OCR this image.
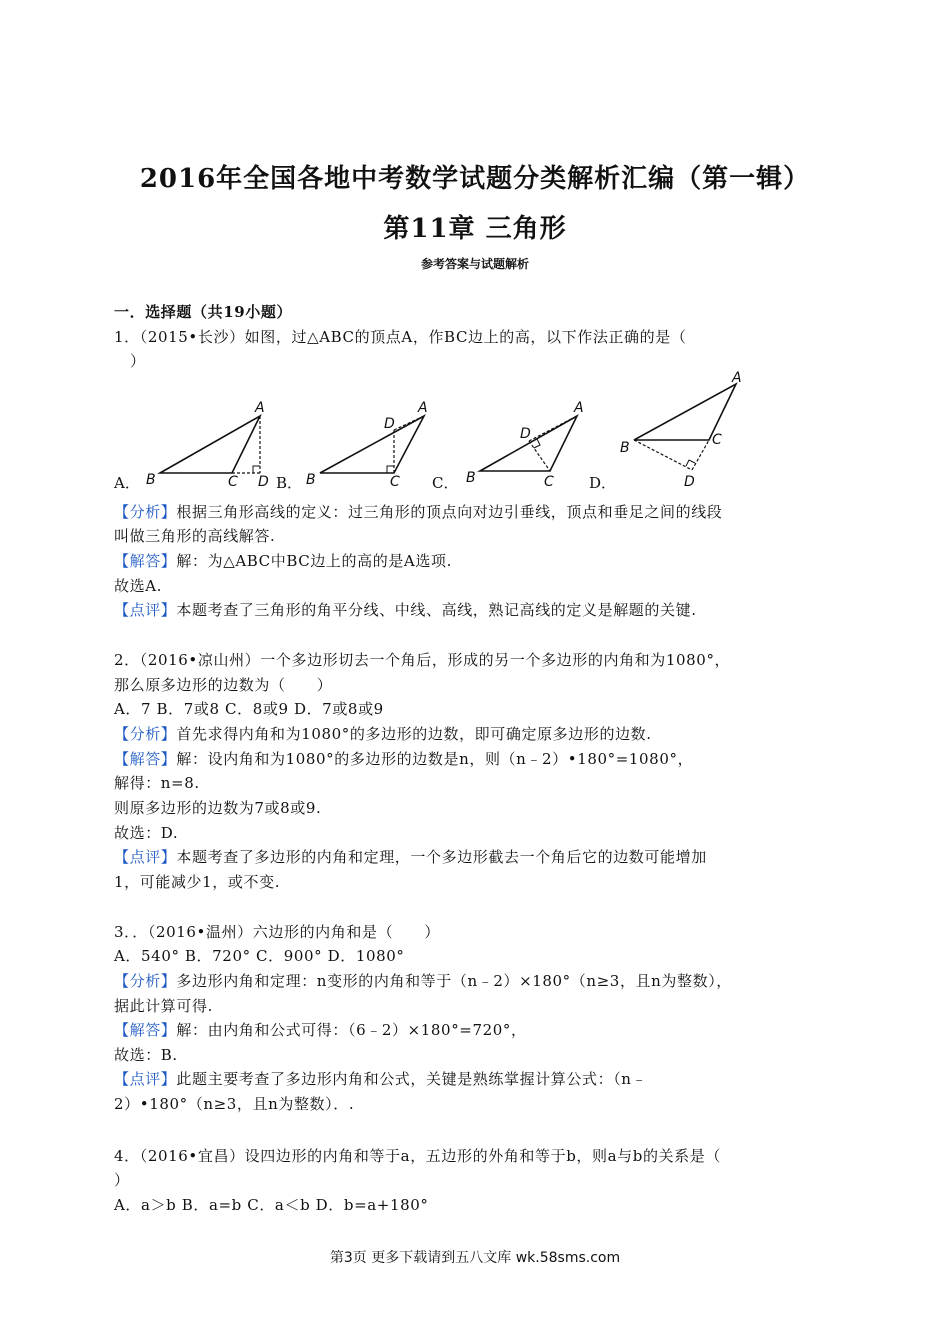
2016年全国各地中考数学试题分类解析汇编（第一辑）
第11章 三角形
参考答案与试题解析
一．选择题（共19小题）
1．（2015•长沙）如图，过△ABC的顶点A，作BC边上的高，以下作法正确的是（
）
A
B	C D
A．
A
B	C
D
B．
A
B	C
D
C．
A
B	C
D
D．
【分析】根据三角形高线的定义：过三角形的顶点向对边引垂线，顶点和垂足之间的线段
叫做三角形的高线解答.
【解答】解：为△ABC中BC边上的高的是A选项.
故选A.
【点评】本题考查了三角形的角平分线、中线、高线，熟记高线的定义是解题的关键.
2．（2016•凉山州）一个多边形切去一个角后，形成的另一个多边形的内角和为1080°，
那么原多边形的边数为（　　）
A．7 B．7或8 C．8或9 D．7或8或9
【分析】首先求得内角和为1080°的多边形的边数，即可确定原多边形的边数.
【解答】解：设内角和为1080°的多边形的边数是n，则（n﹣2）•180°=1080°，
解得：n=8.
则原多边形的边数为7或8或9.
故选：D.
【点评】本题考查了多边形的内角和定理，一个多边形截去一个角后它的边数可能增加
1，可能减少1，或不变.
3．．（2016•温州）六边形的内角和是（　　）
A．540° B．720° C．900° D．1080°
【分析】多边形内角和定理：n变形的内角和等于（n﹣2）×180°（n≥3，且n为整数），
据此计算可得.
【解答】解：由内角和公式可得：（6﹣2）×180°=720°，
故选：B.
【点评】此题主要考查了多边形内角和公式，关键是熟练掌握计算公式：（n﹣
2）•180°（n≥3，且n为整数）．.
4．（2016•宜昌）设四边形的内角和等于a，五边形的外角和等于b，则a与b的关系是（
）
A．a＞b B．a=b C．a＜b D．b=a+180°
第3页 更多下载请到五八文库 wk.58sms.com
